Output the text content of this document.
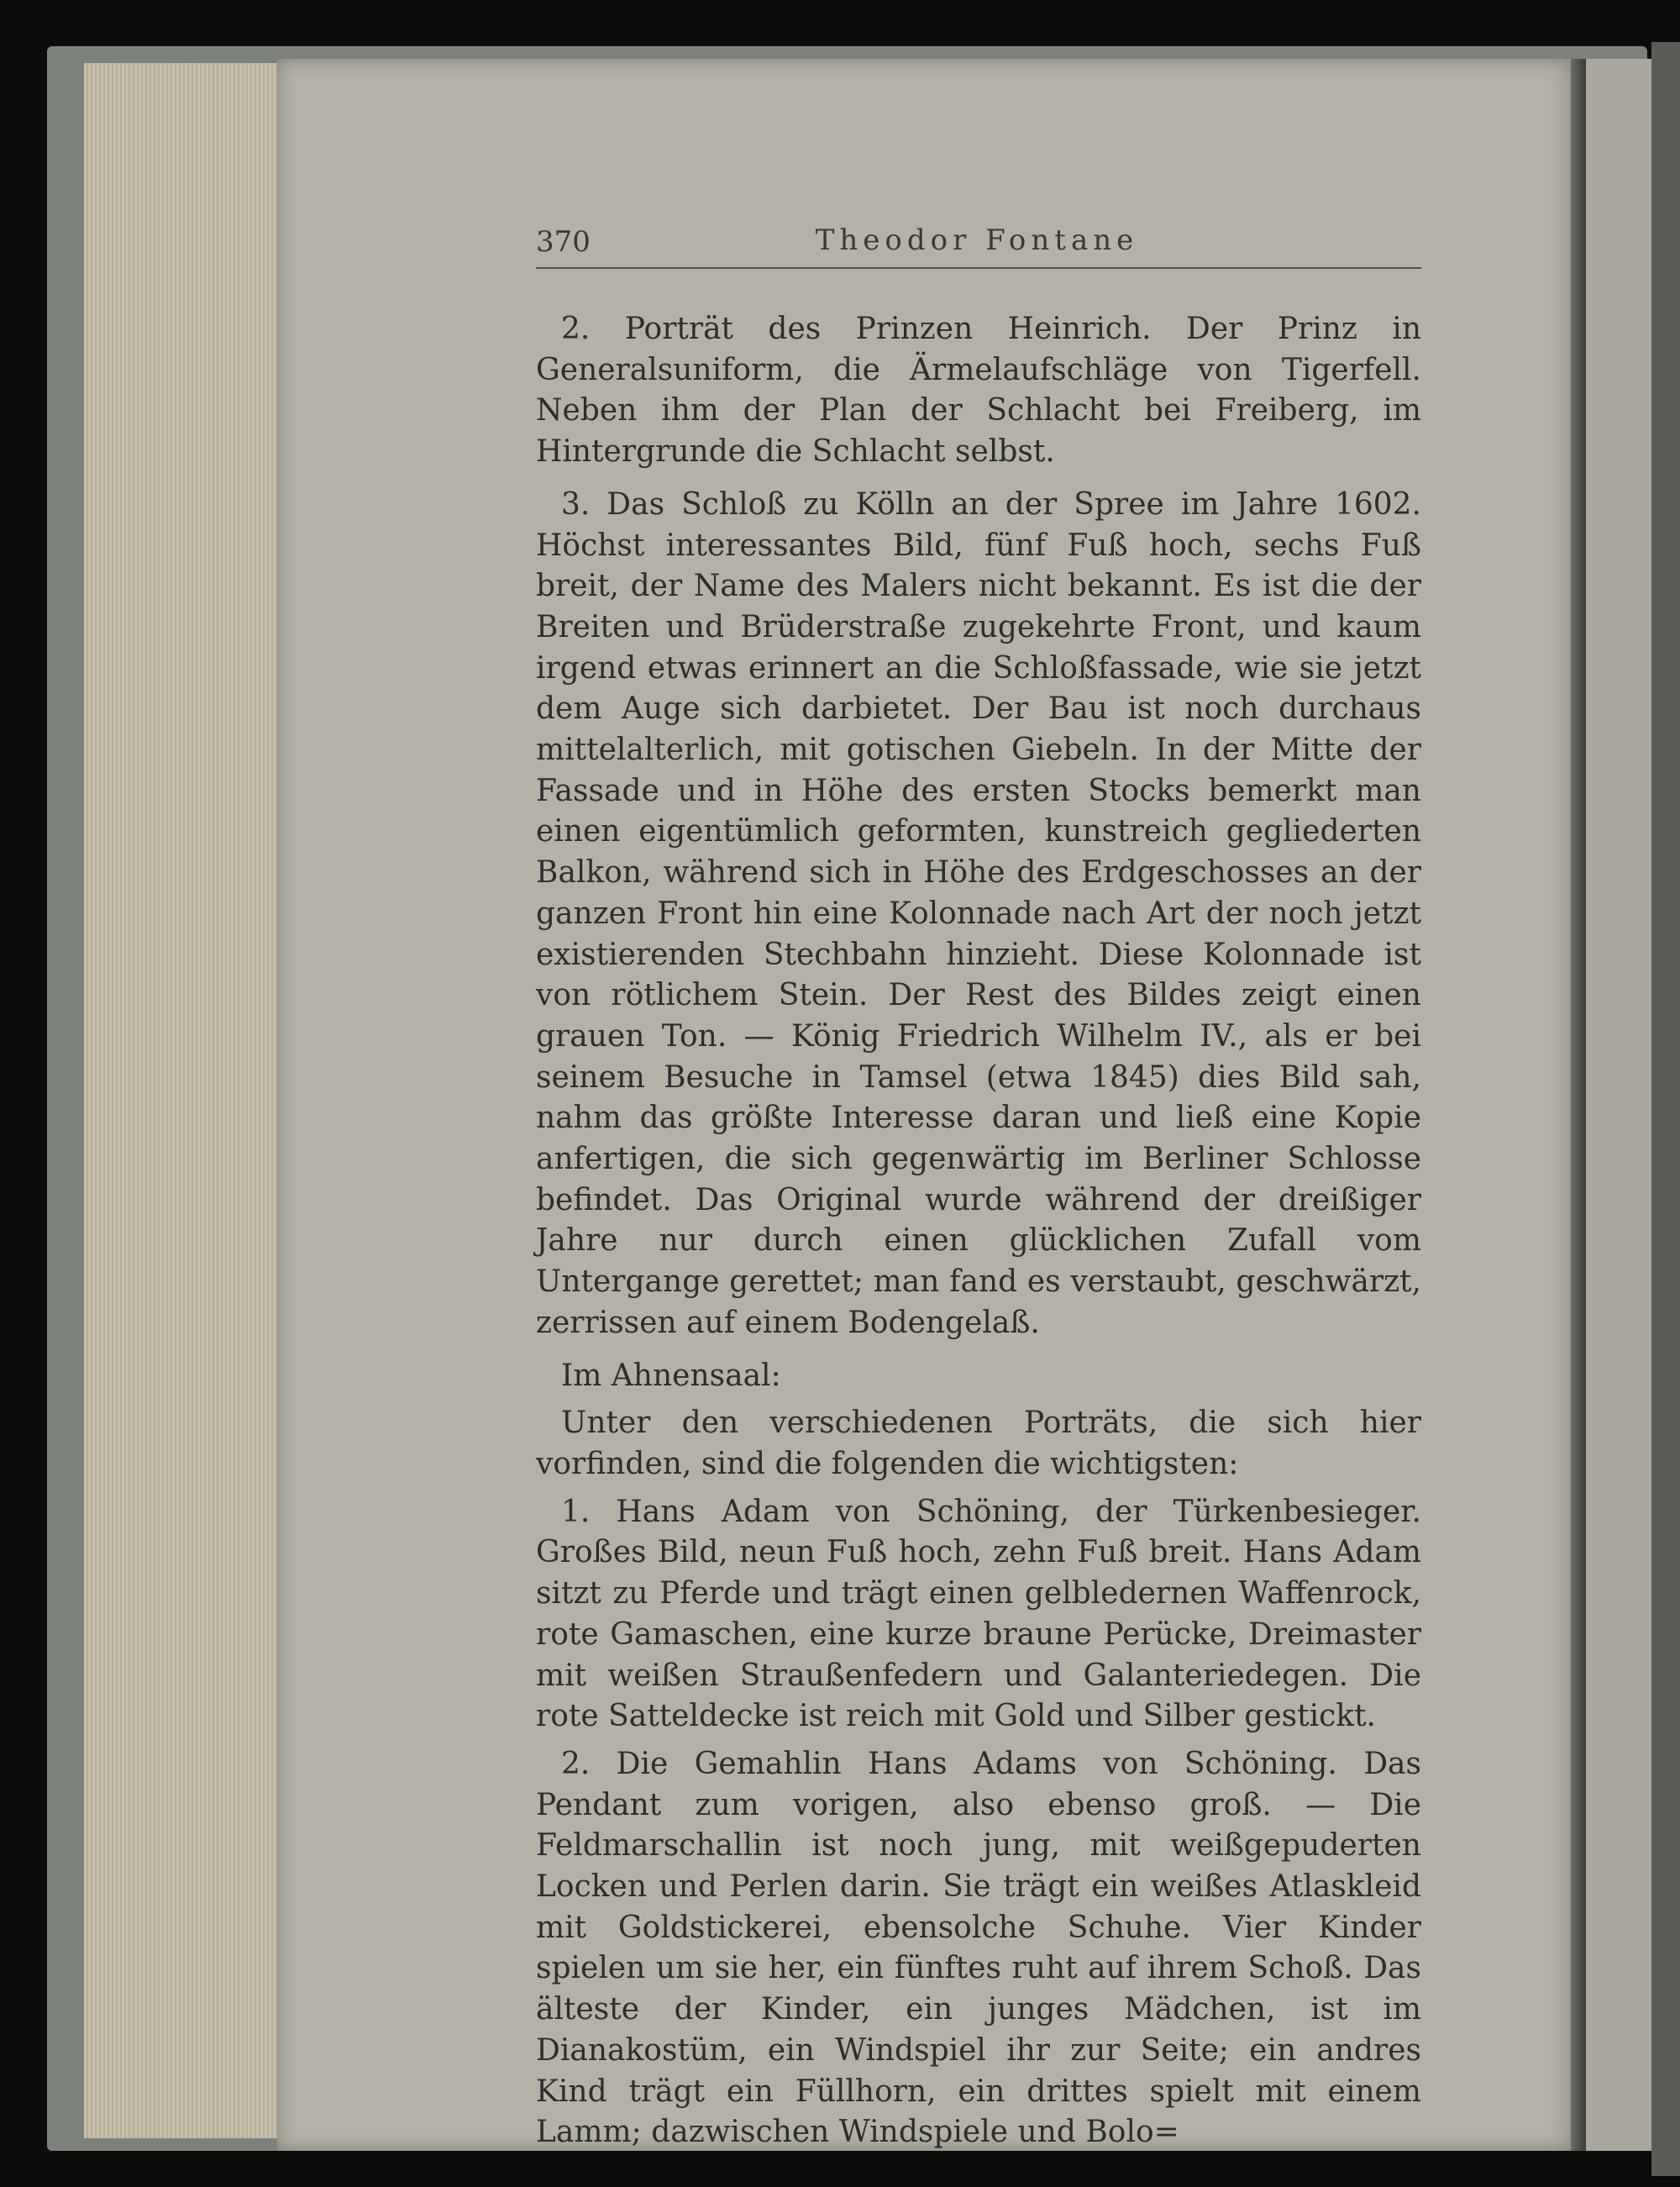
370	Theodor Fontane

2. Porträt des Prinzen Heinrich. Der Prinz in Generalsuniform, die Ärmelaufschläge von Tigerfell. Neben ihm der Plan der Schlacht bei Freiberg, im Hintergrunde die Schlacht selbst.

3. Das Schloß zu Kölln an der Spree im Jahre 1602. Höchst interessantes Bild, fünf Fuß hoch, sechs Fuß breit, der Name des Malers nicht bekannt. Es ist die der Breiten und Brüderstraße zugekehrte Front, und kaum irgend etwas erinnert an die Schloßfassade, wie sie jetzt dem Auge sich darbietet. Der Bau ist noch durchaus mittelalterlich, mit gotischen Giebeln. In der Mitte der Fassade und in Höhe des ersten Stocks bemerkt man einen eigentümlich geformten, kunstreich gegliederten Balkon, während sich in Höhe des Erdgeschosses an der ganzen Front hin eine Kolonnade nach Art der noch jetzt existierenden Stechbahn hinzieht. Diese Kolonnade ist von rötlichem Stein. Der Rest des Bildes zeigt einen grauen Ton. — König Friedrich Wilhelm IV., als er bei seinem Besuche in Tamsel (etwa 1845) dies Bild sah, nahm das größte Interesse daran und ließ eine Kopie anfertigen, die sich gegenwärtig im Berliner Schlosse befindet. Das Original wurde während der dreißiger Jahre nur durch einen glücklichen Zufall vom Untergange gerettet; man fand es verstaubt, geschwärzt, zerrissen auf einem Bodengelaß.

Im Ahnensaal:

Unter den verschiedenen Porträts, die sich hier vorfinden, sind die folgenden die wichtigsten:

1. Hans Adam von Schöning, der Türkenbesieger. Großes Bild, neun Fuß hoch, zehn Fuß breit. Hans Adam sitzt zu Pferde und trägt einen gelbledernen Waffenrock, rote Gamaschen, eine kurze braune Perücke, Dreimaster mit weißen Straußenfedern und Galanteriedegen. Die rote Satteldecke ist reich mit Gold und Silber gestickt.

2. Die Gemahlin Hans Adams von Schöning. Das Pendant zum vorigen, also ebenso groß. — Die Feldmarschallin ist noch jung, mit weißgepuderten Locken und Perlen darin. Sie trägt ein weißes Atlaskleid mit Goldstickerei, ebensolche Schuhe. Vier Kinder spielen um sie her, ein fünftes ruht auf ihrem Schoß. Das älteste der Kinder, ein junges Mädchen, ist im Dianakostüm, ein Windspiel ihr zur Seite; ein andres Kind trägt ein Füllhorn, ein drittes spielt mit einem Lamm; dazwischen Windspiele und Bolo=
